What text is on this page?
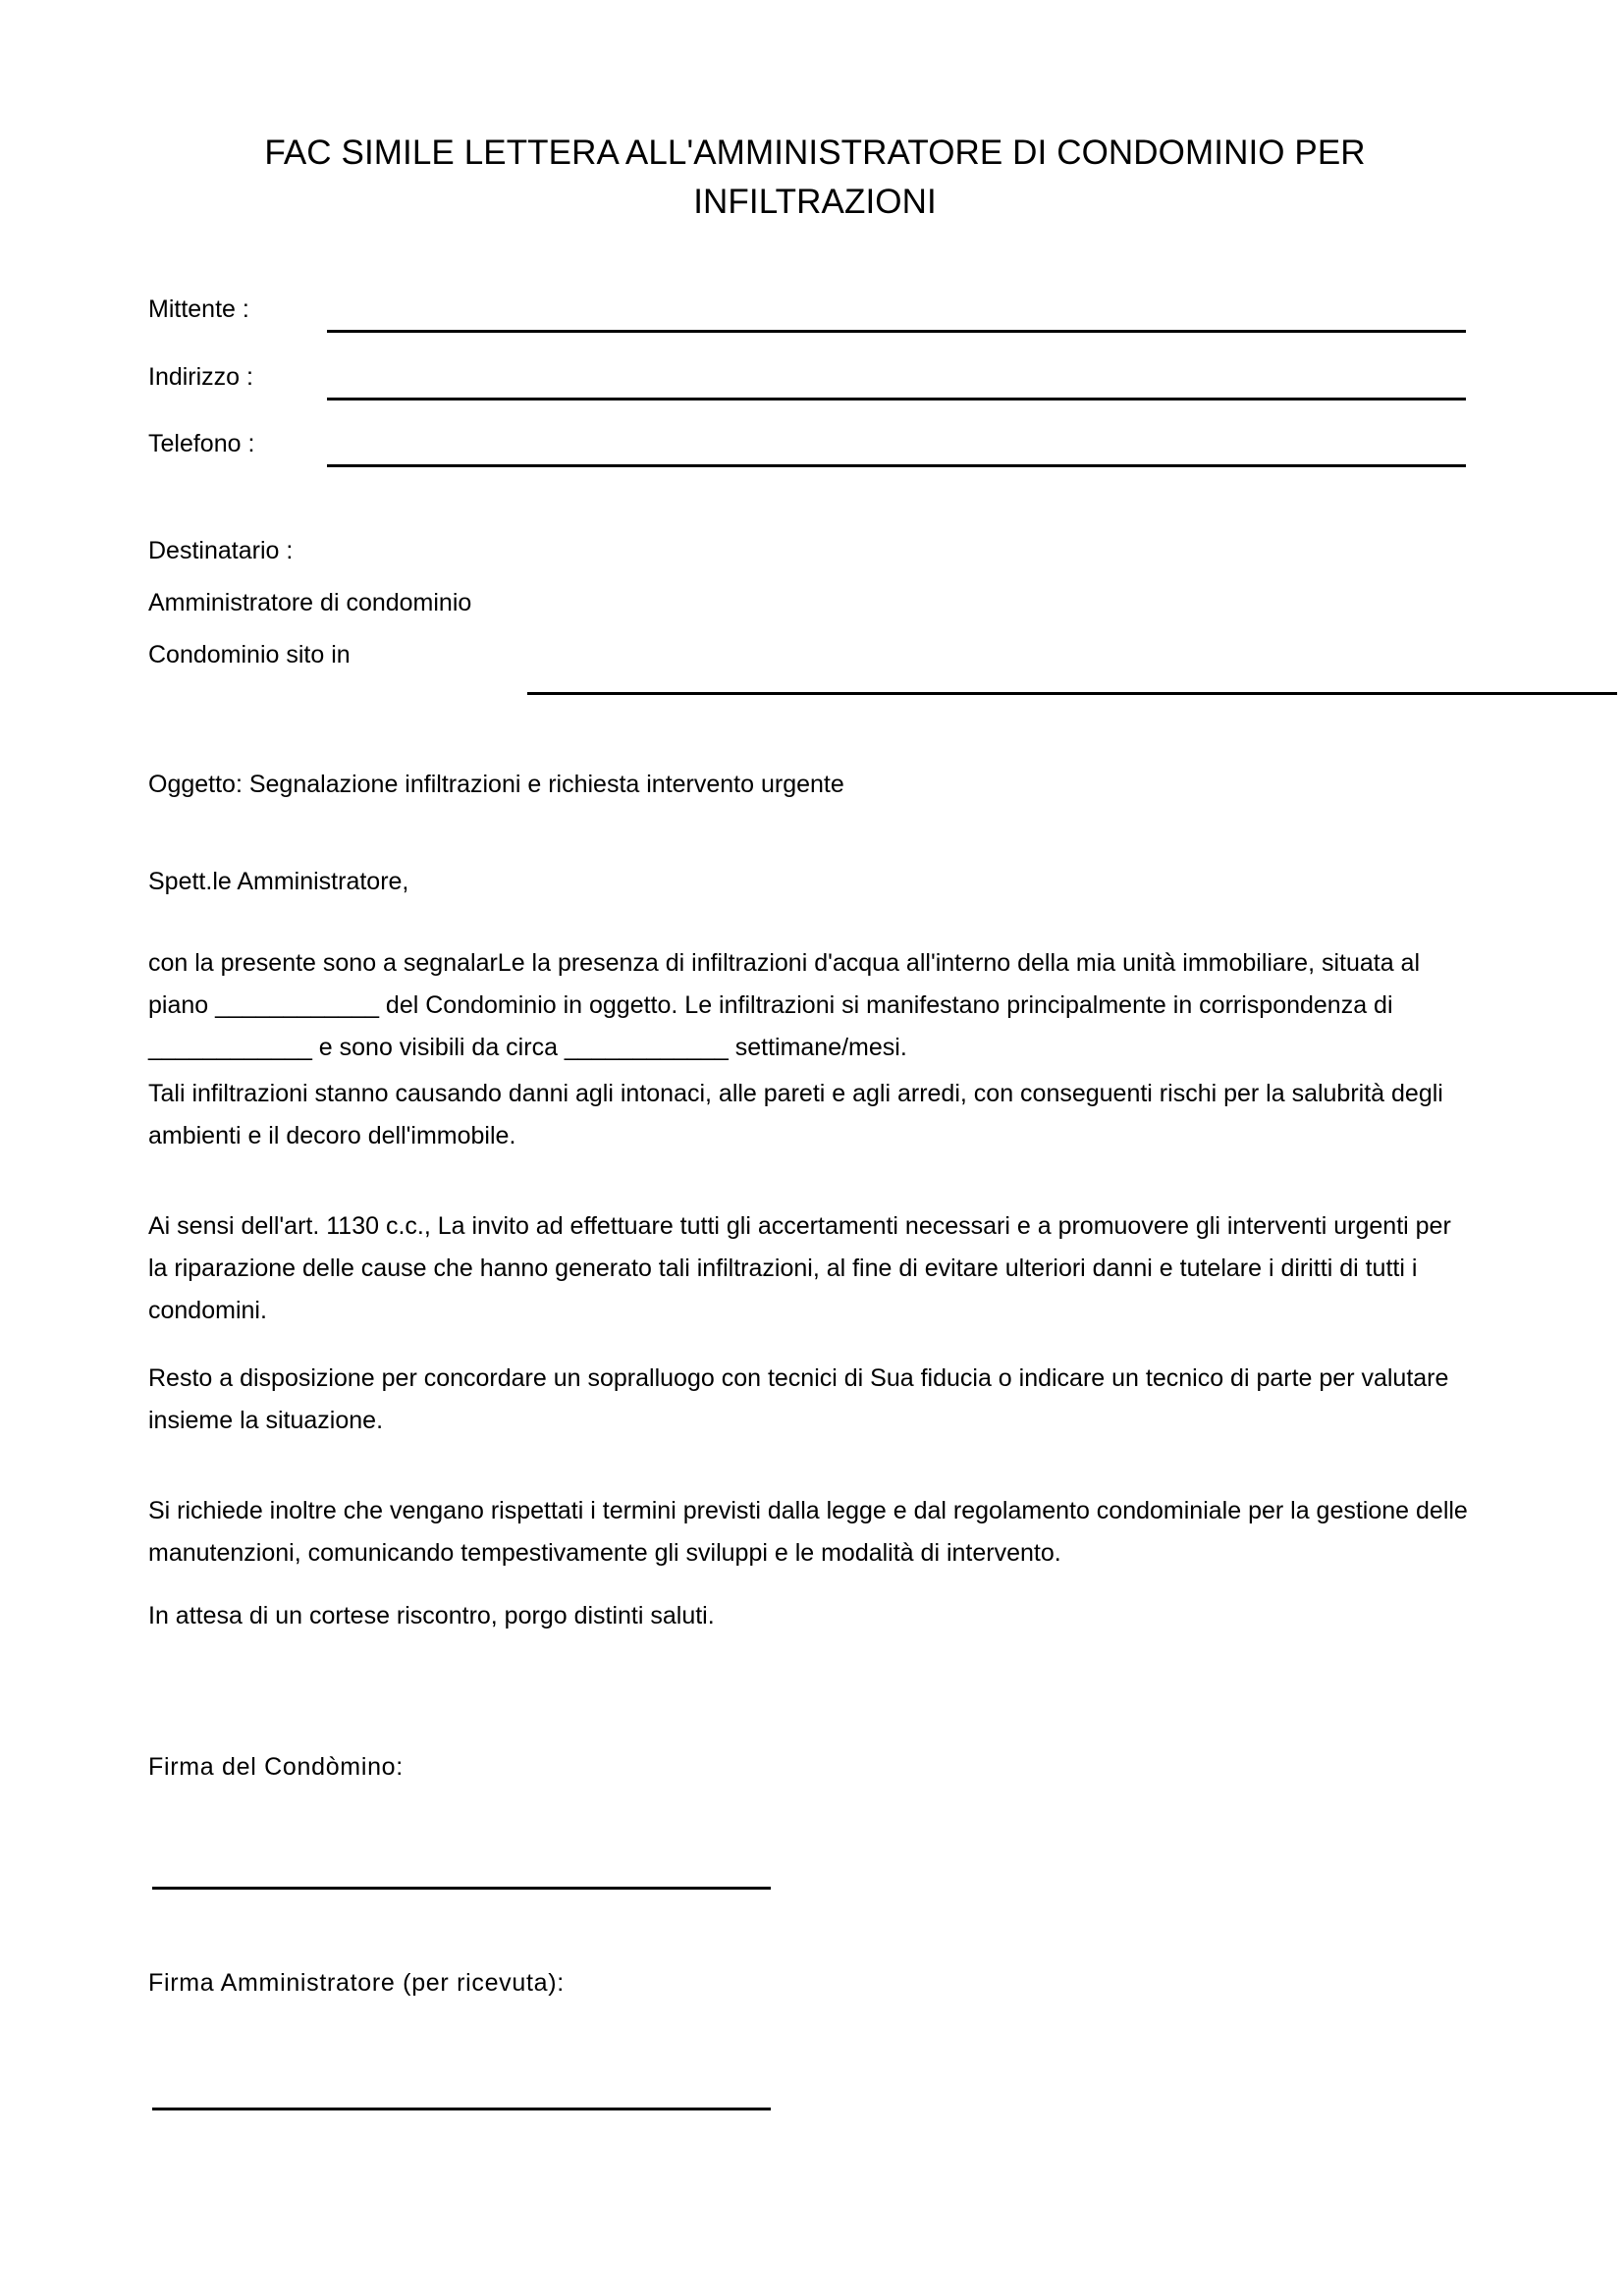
FAC SIMILE LETTERA ALL'AMMINISTRATORE DI CONDOMINIO PER INFILTRAZIONI
Mittente :
Indirizzo :
Telefono :

Destinatario :

Amministratore di condominio

Condominio sito in

Oggetto: Segnalazione infiltrazioni e richiesta intervento urgente

Spett.le Amministratore,

con la presente sono a segnalarLe la presenza di infiltrazioni d'acqua all'interno della mia unità immobiliare, situata al piano ____________ del Condominio in oggetto. Le infiltrazioni si manifestano principalmente in corrispondenza di ____________ e sono visibili da circa ____________ settimane/mesi.

Tali infiltrazioni stanno causando danni agli intonaci, alle pareti e agli arredi, con conseguenti rischi per la salubrità degli ambienti e il decoro dell'immobile.

Ai sensi dell'art. 1130 c.c., La invito ad effettuare tutti gli accertamenti necessari e a promuovere gli interventi urgenti per la riparazione delle cause che hanno generato tali infiltrazioni, al fine di evitare ulteriori danni e tutelare i diritti di tutti i condomini.

Resto a disposizione per concordare un sopralluogo con tecnici di Sua fiducia o indicare un tecnico di parte per valutare insieme la situazione.

Si richiede inoltre che vengano rispettati i termini previsti dalla legge e dal regolamento condominiale per la gestione delle manutenzioni, comunicando tempestivamente gli sviluppi e le modalità di intervento.

In attesa di un cortese riscontro, porgo distinti saluti.

Firma del Condòmino:
Firma Amministratore (per ricevuta):
